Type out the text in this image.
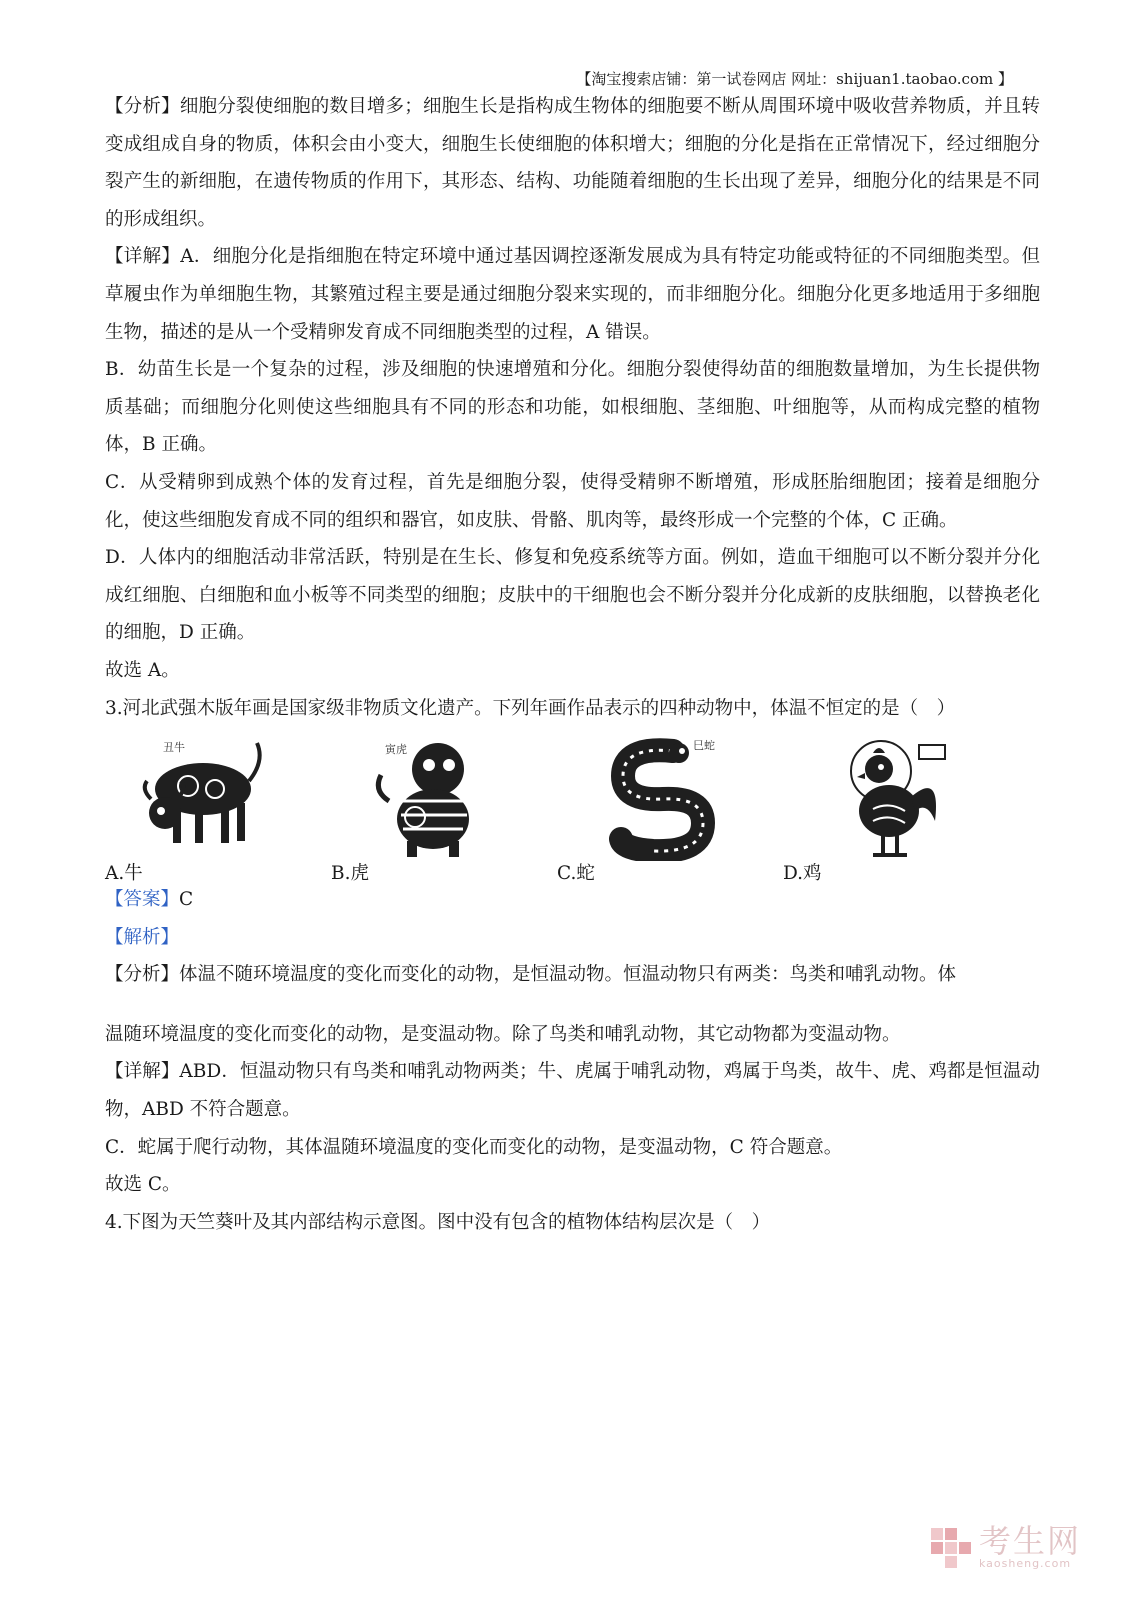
【淘宝搜索店铺：第一试卷网店 网址：shijuan1.taobao.com 】

【分析】细胞分裂使细胞的数目增多；细胞生长是指构成生物体的细胞要不断从周围环境中吸收营养物质，并且转变成组成自身的物质，体积会由小变大，细胞生长使细胞的体积增大；细胞的分化是指在正常情况下，经过细胞分裂产生的新细胞，在遗传物质的作用下，其形态、结构、功能随着细胞的生长出现了差异，细胞分化的结果是不同的形成组织。

【详解】A．细胞分化是指细胞在特定环境中通过基因调控逐渐发展成为具有特定功能或特征的不同细胞类型。但草履虫作为单细胞生物，其繁殖过程主要是通过细胞分裂来实现的，而非细胞分化。细胞分化更多地适用于多细胞生物，描述的是从一个受精卵发育成不同细胞类型的过程，A 错误。

B．幼苗生长是一个复杂的过程，涉及细胞的快速增殖和分化。细胞分裂使得幼苗的细胞数量增加，为生长提供物质基础；而细胞分化则使这些细胞具有不同的形态和功能，如根细胞、茎细胞、叶细胞等，从而构成完整的植物体，B 正确。

C．从受精卵到成熟个体的发育过程，首先是细胞分裂，使得受精卵不断增殖，形成胚胎细胞团；接着是细胞分化，使这些细胞发育成不同的组织和器官，如皮肤、骨骼、肌肉等，最终形成一个完整的个体，C 正确。

D．人体内的细胞活动非常活跃，特别是在生长、修复和免疫系统等方面。例如，造血干细胞可以不断分裂并分化成红细胞、白细胞和血小板等不同类型的细胞；皮肤中的干细胞也会不断分裂并分化成新的皮肤细胞，以替换老化的细胞，D 正确。

故选 A。

3.河北武强木版年画是国家级非物质文化遗产。下列年画作品表示的四种动物中，体温不恒定的是（　）

丑牛	寅虎	巳蛇
A.牛	B.虎	C.蛇	D.鸡

【答案】C

【解析】

【分析】体温不随环境温度的变化而变化的动物，是恒温动物。恒温动物只有两类：鸟类和哺乳动物。体

温随环境温度的变化而变化的动物，是变温动物。除了鸟类和哺乳动物，其它动物都为变温动物。

【详解】ABD．恒温动物只有鸟类和哺乳动物两类；牛、虎属于哺乳动物，鸡属于鸟类，故牛、虎、鸡都是恒温动物，ABD 不符合题意。

C．蛇属于爬行动物，其体温随环境温度的变化而变化的动物，是变温动物，C 符合题意。

故选 C。

4.下图为天竺葵叶及其内部结构示意图。图中没有包含的植物体结构层次是（　）

考生网
kaosheng.com
